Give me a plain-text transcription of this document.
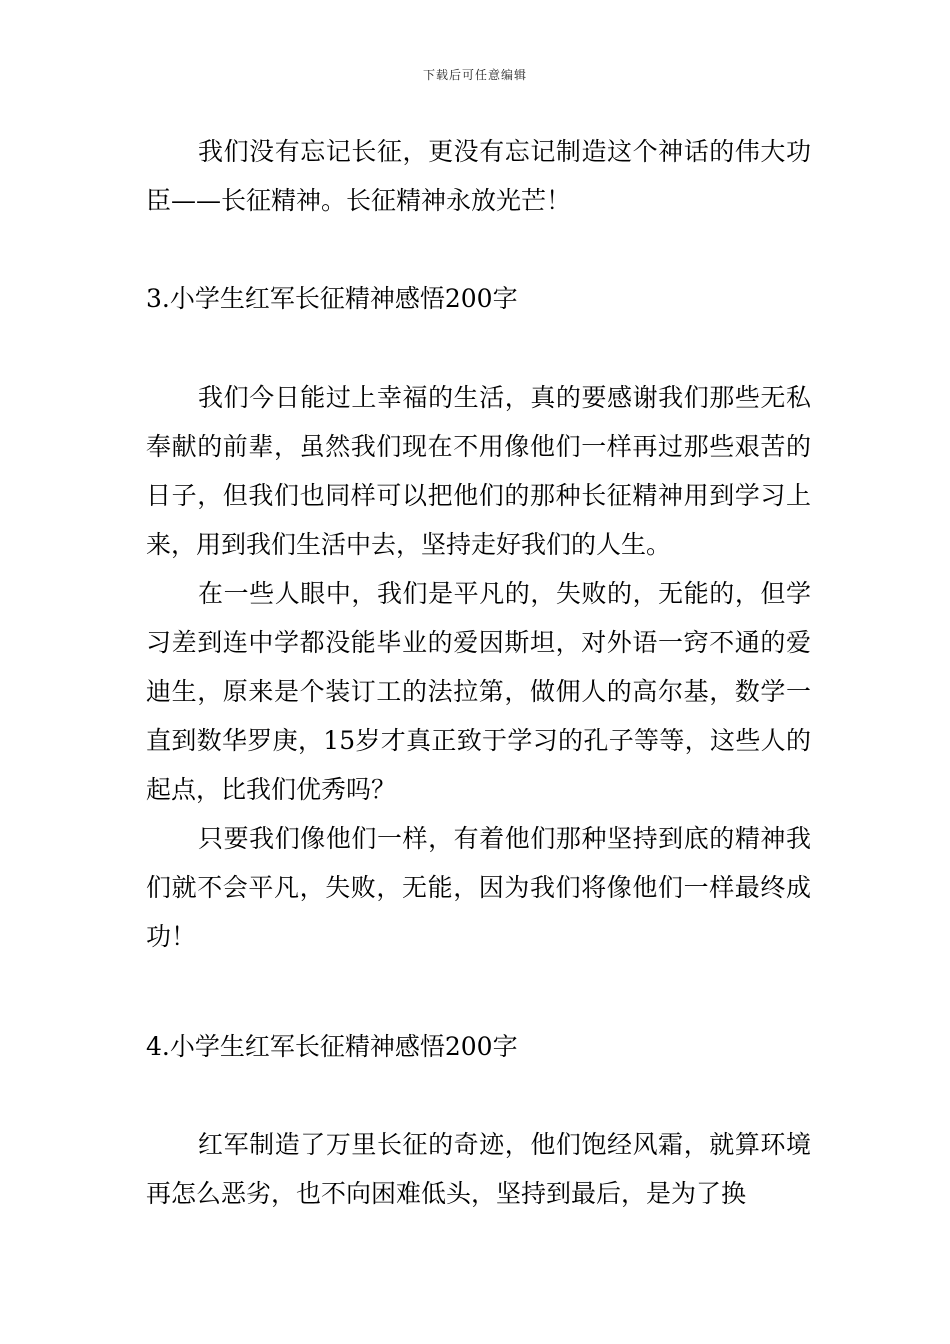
下载后可任意编辑

我们没有忘记长征，更没有忘记制造这个神话的伟大功臣——长征精神。长征精神永放光芒！

3.小学生红军长征精神感悟200字

我们今日能过上幸福的生活，真的要感谢我们那些无私奉献的前辈，虽然我们现在不用像他们一样再过那些艰苦的日子，但我们也同样可以把他们的那种长征精神用到学习上来，用到我们生活中去，坚持走好我们的人生。

在一些人眼中，我们是平凡的，失败的，无能的，但学习差到连中学都没能毕业的爱因斯坦，对外语一窍不通的爱迪生，原来是个装订工的法拉第，做佣人的高尔基，数学一直到数华罗庚，15岁才真正致于学习的孔子等等，这些人的起点，比我们优秀吗？

只要我们像他们一样，有着他们那种坚持到底的精神我们就不会平凡，失败，无能，因为我们将像他们一样最终成功！

4.小学生红军长征精神感悟200字

红军制造了万里长征的奇迹，他们饱经风霜，就算环境再怎么恶劣，也不向困难低头，坚持到最后，是为了换
